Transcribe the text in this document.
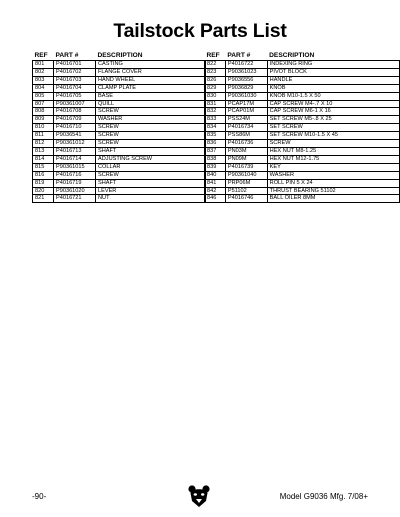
Tailstock Parts List
REF	PART #	DESCRIPTION
801	P4016701	CASTING
802	P4016702	FLANGE COVER
803	P4016703	HAND WHEEL
804	P4016704	CLAMP PLATE
805	P4016705	BASE
807	P90361007	QUILL
808	P4016708	SCREW
809	P4016709	WASHER
810	P4016710	SCREW
811	P9036541	SCREW
812	P90361012	SCREW
813	P4016713	SHAFT
814	P4016714	ADJUSTING SCREW
815	P90361015	COLLAR
816	P4016716	SCREW
819	P4016719	SHAFT
820	P90361020	LEVER
821	P4016721	NUT
REF	PART #	DESCRIPTION
822	P4016722	INDEXING RING
823	P90361023	PIVOT BLOCK
826	P9036556	HANDLE
829	P9036829	KNOB
830	P90361030	KNOB M10-1.5 X 50
831	PCAP17M	CAP SCREW M4-.7 X 10
832	PCAP01M	CAP SCREW M6-1 X 16
833	PSS24M	SET SCREW M5-.8 X 25
834	P4016734	SET SCREW
835	PSS86M	SET SCREW M10-1.5 X 45
836	P4016736	SCREW
837	PN03M	HEX NUT M8-1.25
838	PN09M	HEX NUT M12-1.75
839	P4016739	KEY
840	P90361040	WASHER
841	PRP06M	ROLL PIN 5 X 24
842	P51102	THRUST BEARING 51102
846	P4016746	BALL OILER 8MM
-90-	Model G9036 Mfg. 7/08+
